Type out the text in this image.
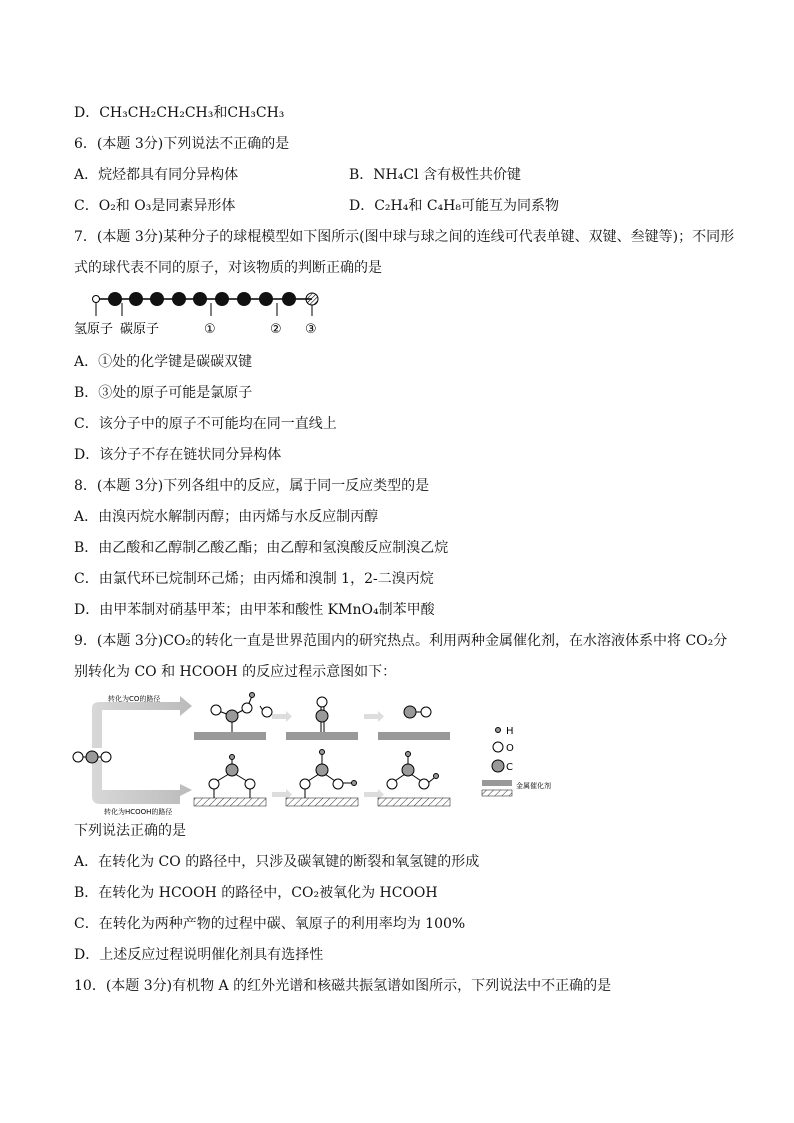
D．CH₃CH₂CH₂CH₃和CH₃CH₃
6．(本题 3分)下列说法不正确的是
A．烷烃都具有同分异构体	B．NH₄Cl 含有极性共价键
C．O₂和 O₃是同素异形体	D．C₂H₄和 C₄H₈可能互为同系物
7．(本题 3分)某种分子的球棍模型如下图所示(图中球与球之间的连线可代表单键、双键、叁键等)；不同形
式的球代表不同的原子，对该物质的判断正确的是
氢原子 碳原子	①	② ③
A．①处的化学键是碳碳双键
B．③处的原子可能是氯原子
C．该分子中的原子不可能均在同一直线上
D．该分子不存在链状同分异构体
8．(本题 3分)下列各组中的反应，属于同一反应类型的是
A．由溴丙烷水解制丙醇；由丙烯与水反应制丙醇
B．由乙酸和乙醇制乙酸乙酯；由乙醇和氢溴酸反应制溴乙烷
C．由氯代环已烷制环己烯；由丙烯和溴制 1，2-二溴丙烷
D．由甲苯制对硝基甲苯；由甲苯和酸性 KMnO₄制苯甲酸
9．(本题 3分)CO₂的转化一直是世界范围内的研究热点。利用两种金属催化剂，在水溶液体系中将 CO₂分
别转化为 CO 和 HCOOH 的反应过程示意图如下：
转化为CO的路径
转化为HCOOH的路径
H
O
C
金属催化剂
下列说法正确的是
A．在转化为 CO 的路径中，只涉及碳氧键的断裂和氧氢键的形成
B．在转化为 HCOOH 的路径中，CO₂被氧化为 HCOOH
C．在转化为两种产物的过程中碳、氧原子的利用率均为 100%
D．上述反应过程说明催化剂具有选择性
10．(本题 3分)有机物 A 的红外光谱和核磁共振氢谱如图所示，下列说法中不正确的是
